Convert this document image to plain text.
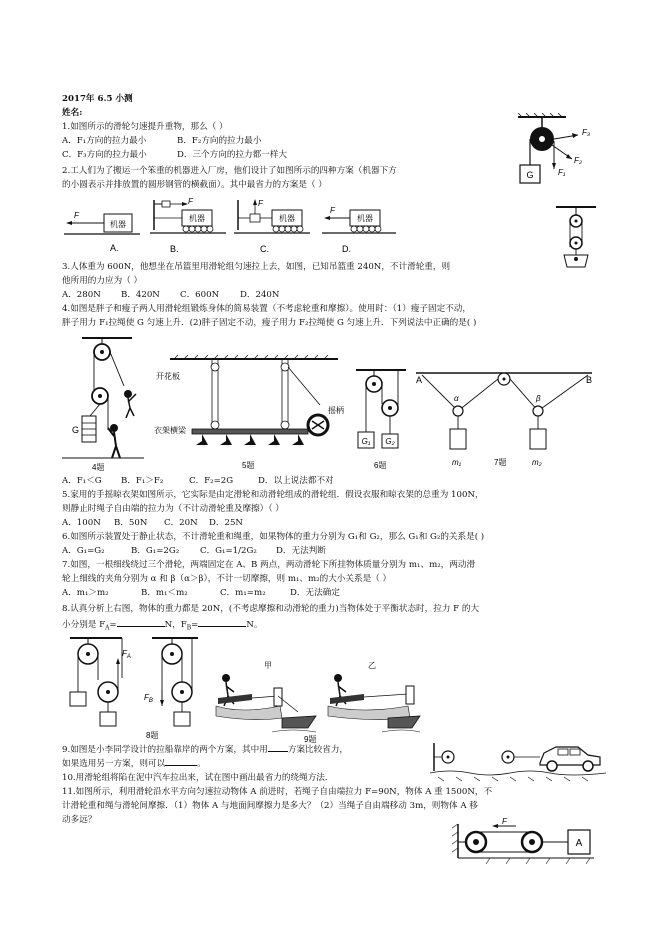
2017年 6.5 小测
姓名:
1.如图所示的滑轮匀速提升重物，那么（ ）
A．F₁方向的拉力最小	B．F₂方向的拉力最小
C．F₃方向的拉力最小	D．三个方向的拉力都一样大
G
F₃
F₂
F₁
2.工人们为了搬运一个笨重的机器进入厂房，他们设计了如图所示的四种方案（机器下方
的小圆表示并排放置的圆形钢管的横截面）。其中最省力的方案是（ ）
机器
F
A.
F
机器
B.
F
机器
C.
F
机器
D.
3.人体重为 600N，他想坐在吊篮里用滑轮组匀速拉上去，如图，已知吊篮重 240N，不计滑轮重，则
他所用的力应为（ ）
A．280N B．420N C．600N D．240N
4.如图是胖子和瘦子两人用滑轮组锻炼身体的简易装置（不考虑轮重和摩擦）。使用时：（1）瘦子固定不动，
胖子用力 F₁拉绳使 G 匀速上升．(2)胖子固定不动，瘦子用力 F₂拉绳使 G 匀速上升．下列说法中正确的是( )
G
4题
开花板
衣架横梁
摇柄
5题
G₁ G₂
6题
A	B
α	β
m₁	7题	m₂
A．F₁＜G B．F₁＞F₂	C．F₂=2G	D．以上说法都不对
5.家用的手摇晾衣架如图所示，它实际是由定滑轮和动滑轮组成的滑轮组．假设衣服和晾衣架的总重为 100N，
则静止时绳子自由端的拉力为（不计动滑轮重及摩擦）（ ）
A．100N B．50N C．20N D．25N
6.如图所示装置处于静止状态，不计滑轮重和绳重，如果物体的重力分别为 G₁和 G₂，那么 G₁和 G₂的关系是( )
A．G₁=G₂	B．G₁=2G₂ C．G₁=1/2G₂ D．无法判断
7.如图，一根细线绕过三个滑轮，两端固定在 A、B 两点，两动滑轮下所挂物体质量分别为 m₁、m₂，两动滑
轮上细线的夹角分别为 α 和 β（α＞β），不计一切摩擦，则 m₁、m₂的大小关系是（ ）
A．m₁＞m₂	B．m₁＜m₂	C．m₁=m₂	D．无法确定
8.认真分析上右图，物体的重力都是 20N，(不考虑摩擦和动滑轮的重力)当物体处于平衡状态时，拉力 F 的大
小分别是 $F_A=$	N，$F_B=$	N。
$F_A$
$F_B$
8题
甲	乙
9题
9.如图是小李同学设计的拉船靠岸的两个方案，其中用 方案比较省力，
如果选用另一方案，则可以	。
10.用滑轮组将陷在泥中汽车拉出来，试在图中画出最省力的绕绳方法．
11.如图所示，利用滑轮沿水平方向匀速拉动物体 A 前进时，若绳子自由端拉力 F=90N，物体 A 重 1500N，不
计滑轮重和绳与滑轮间摩擦．（1）物体 A 与地面间摩擦力是多大？（2）当绳子自由端移动 3m，则物体 A 移
动多远？	F
A
